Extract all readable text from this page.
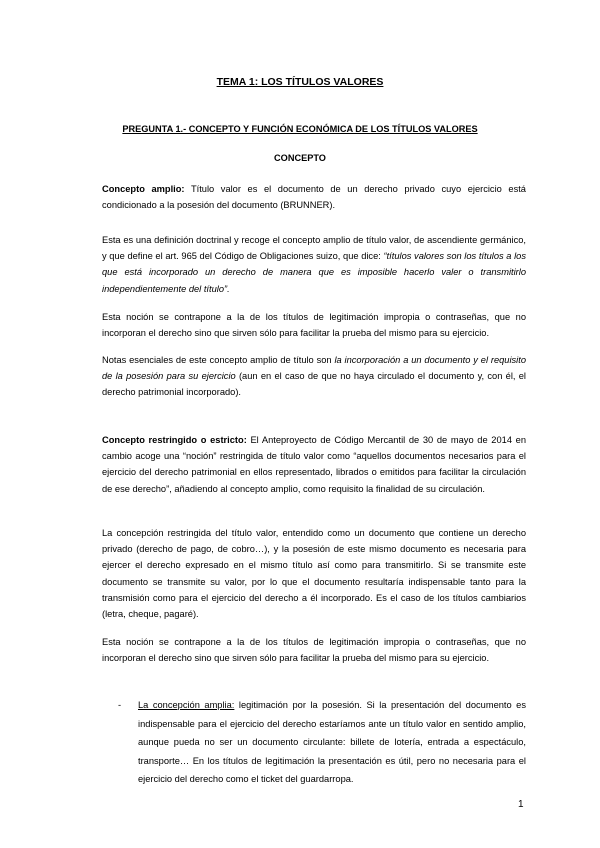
TEMA 1: LOS TÍTULOS VALORES
PREGUNTA 1.- CONCEPTO Y FUNCIÓN ECONÓMICA DE LOS TÍTULOS VALORES
CONCEPTO

Concepto amplio: Título valor es el documento de un derecho privado cuyo ejercicio está condicionado a la posesión del documento (BRUNNER).

Esta es una definición doctrinal y recoge el concepto amplio de título valor, de ascendiente germánico, y que define el art. 965 del Código de Obligaciones suizo, que dice: “títulos valores son los títulos a los que está incorporado un derecho de manera que es imposible hacerlo valer o transmitirlo independientemente del título”.

Esta noción se contrapone a la de los títulos de legitimación impropia o contraseñas, que no incorporan el derecho sino que sirven sólo para facilitar la prueba del mismo para su ejercicio.

Notas esenciales de este concepto amplio de título son la incorporación a un documento y el requisito de la posesión para su ejercicio (aun en el caso de que no haya circulado el documento y, con él, el derecho patrimonial incorporado).

Concepto restringido o estricto: El Anteproyecto de Código Mercantil de 30 de mayo de 2014 en cambio acoge una “noción” restringida de título valor como “aquellos documentos necesarios para el ejercicio del derecho patrimonial en ellos representado, librados o emitidos para facilitar la circulación de ese derecho”, añadiendo al concepto amplio, como requisito la finalidad de su circulación.

La concepción restringida del título valor, entendido como un documento que contiene un derecho privado (derecho de pago, de cobro…), y la posesión de este mismo documento es necesaria para ejercer el derecho expresado en el mismo título así como para transmitirlo. Si se transmite este documento se transmite su valor, por lo que el documento resultaría indispensable tanto para la transmisión como para el ejercicio del derecho a él incorporado. Es el caso de los títulos cambiarios (letra, cheque, pagaré).

Esta noción se contrapone a la de los títulos de legitimación impropia o contraseñas, que no incorporan el derecho sino que sirven sólo para facilitar la prueba del mismo para su ejercicio.

- La concepción amplia: legitimación por la posesión. Si la presentación del documento es indispensable para el ejercicio del derecho estaríamos ante un título valor en sentido amplio, aunque pueda no ser un documento circulante: billete de lotería, entrada a espectáculo, transporte… En los títulos de legitimación la presentación es útil, pero no necesaria para el ejercicio del derecho como el ticket del guardarropa.
1
